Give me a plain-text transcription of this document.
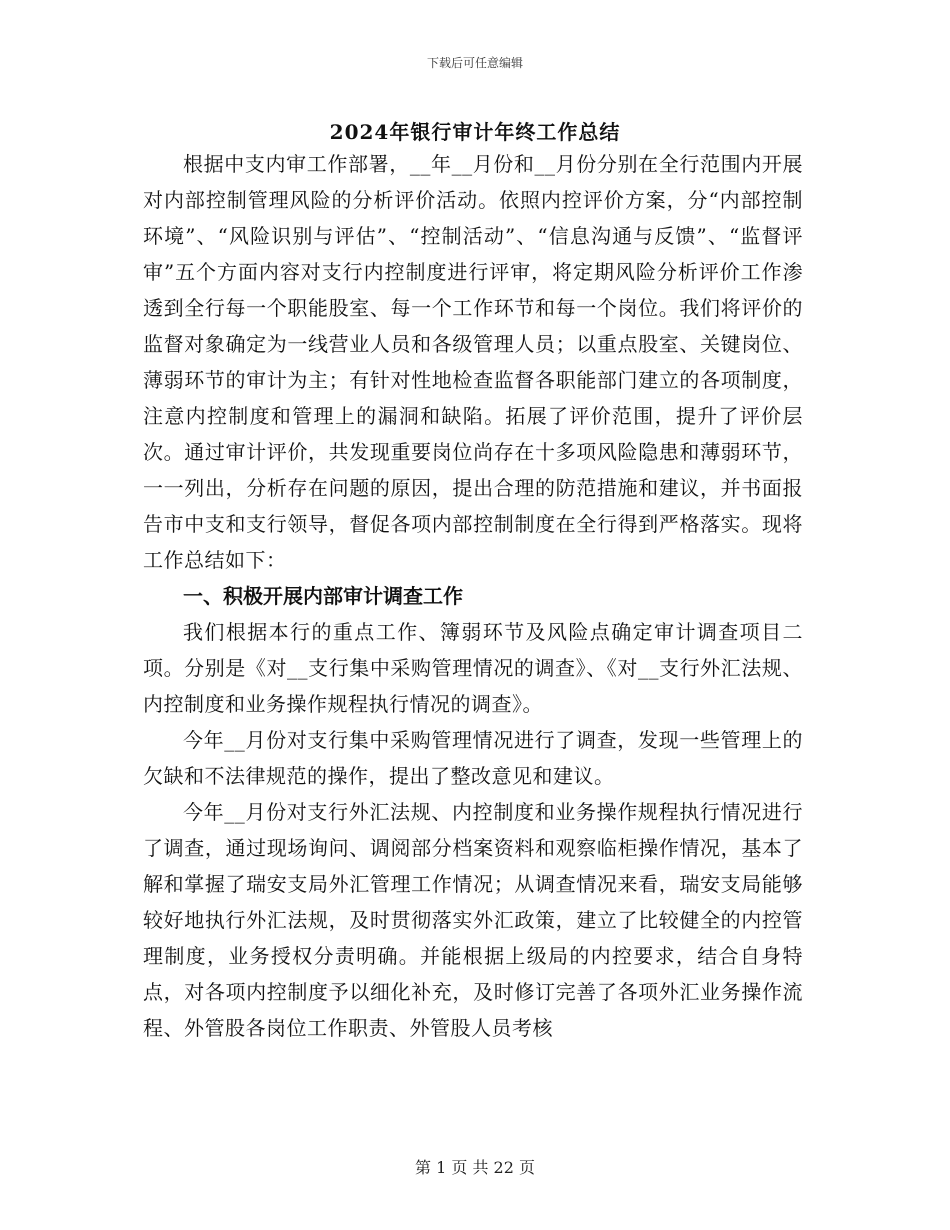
下载后可任意编辑
2024年银行审计年终工作总结

根据中支内审工作部署，__年__月份和__月份分别在全行范围内开展对内部控制管理风险的分析评价活动。依照内控评价方案，分“内部控制环境”、“风险识别与评估”、“控制活动”、“信息沟通与反馈”、“监督评审”五个方面内容对支行内控制度进行评审，将定期风险分析评价工作渗透到全行每一个职能股室、每一个工作环节和每一个岗位。我们将评价的监督对象确定为一线营业人员和各级管理人员；以重点股室、关键岗位、薄弱环节的审计为主；有针对性地检查监督各职能部门建立的各项制度，注意内控制度和管理上的漏洞和缺陷。拓展了评价范围，提升了评价层次。通过审计评价，共发现重要岗位尚存在十多项风险隐患和薄弱环节，一一列出，分析存在问题的原因，提出合理的防范措施和建议，并书面报告市中支和支行领导，督促各项内部控制制度在全行得到严格落实。现将工作总结如下：

一、积极开展内部审计调查工作

我们根据本行的重点工作、簿弱环节及风险点确定审计调查项目二项。分别是《对__支行集中采购管理情况的调查》、《对__支行外汇法规、内控制度和业务操作规程执行情况的调查》。

今年__月份对支行集中采购管理情况进行了调查，发现一些管理上的欠缺和不法律规范的操作，提出了整改意见和建议。

今年__月份对支行外汇法规、内控制度和业务操作规程执行情况进行了调查，通过现场询问、调阅部分档案资料和观察临柜操作情况，基本了解和掌握了瑞安支局外汇管理工作情况；从调查情况来看，瑞安支局能够较好地执行外汇法规，及时贯彻落实外汇政策，建立了比较健全的内控管理制度，业务授权分责明确。并能根据上级局的内控要求，结合自身特点，对各项内控制度予以细化补充，及时修订完善了各项外汇业务操作流程、外管股各岗位工作职责、外管股人员考核

第 1 页 共 22 页
